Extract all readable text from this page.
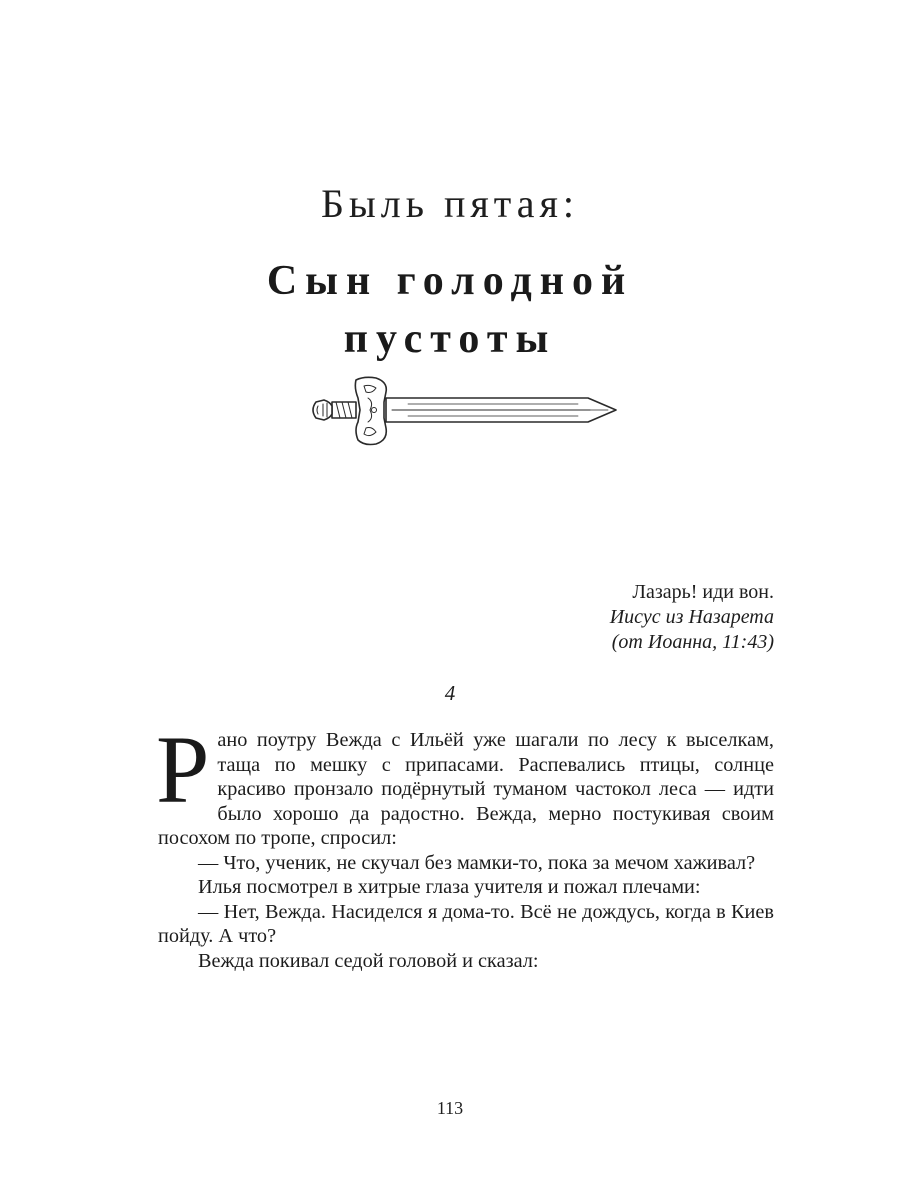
Быль пятая:
Сын голодной
пустоты
Лазарь! иди вон.
Иисус из Назарета
(от Иоанна, 11:43)
4

Рано поутру Вежда с Ильёй уже шагали по лесу к выселкам, таща по мешку с припасами. Распевались птицы, солнце красиво пронзало подёрнутый туманом частокол леса — идти было хорошо да радостно. Вежда, мерно постукивая своим посохом по тропе, спросил:

— Что, ученик, не скучал без мамки-то, пока за мечом хаживал?

Илья посмотрел в хитрые глаза учителя и пожал плечами:

— Нет, Вежда. Насиделся я дома-то. Всё не дождусь, когда в Киев пойду. А что?

Вежда покивал седой головой и сказал:

113
